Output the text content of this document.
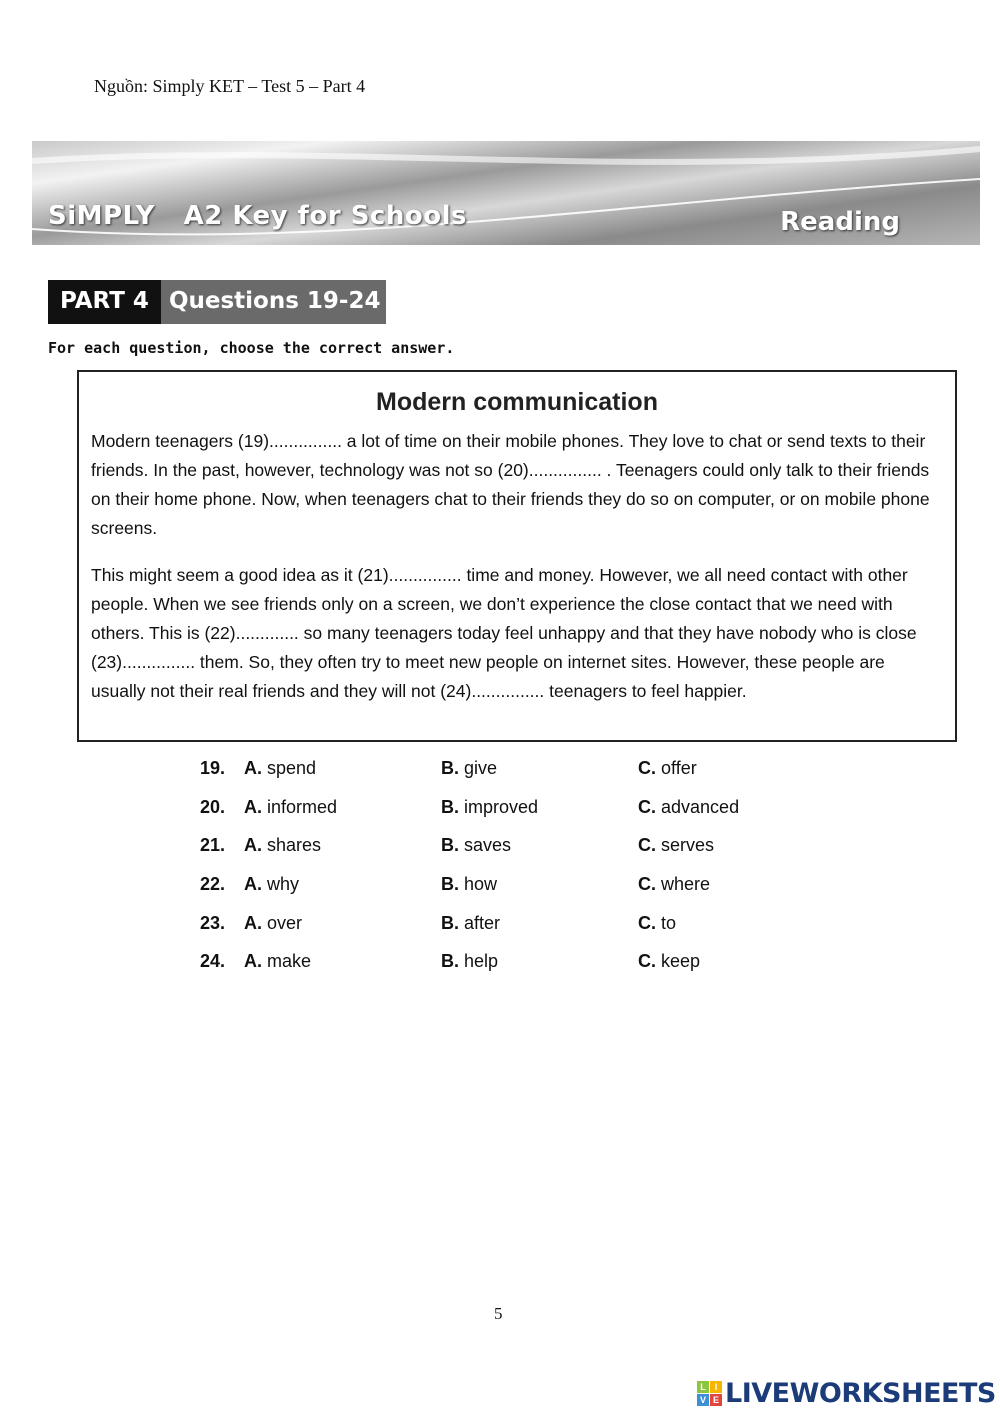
Nguồn: Simply KET – Test 5 – Part 4
SiMPLY   A2 Key for Schools	Reading
PART 4 Questions 19-24
For each question, choose the correct answer.
Modern communication

Modern teenagers (19)............... a lot of time on their mobile phones. They love to chat or send texts to their friends. In the past, however, technology was not so (20)............... . Teenagers could only talk to their friends on their home phone. Now, when teenagers chat to their friends they do so on computer, or on mobile phone screens.

This might seem a good idea as it (21)............... time and money. However, we all need contact with other people. When we see friends only on a screen, we don’t experience the close contact that we need with others. This is (22)............. so many teenagers today feel unhappy and that they have nobody who is close (23)............... them. So, they often try to meet new people on internet sites. However, these people are usually not their real friends and they will not (24)............... teenagers to feel happier.

19.	A. spend	B. give	C. offer
20.	A. informed	B. improved	C. advanced
21.	A. shares	B. saves	C. serves
22.	A. why	B. how	C. where
23.	A. over	B. after	C. to
24.	A. make	B. help	C. keep
5
L I
V E LIVEWORKSHEETS
